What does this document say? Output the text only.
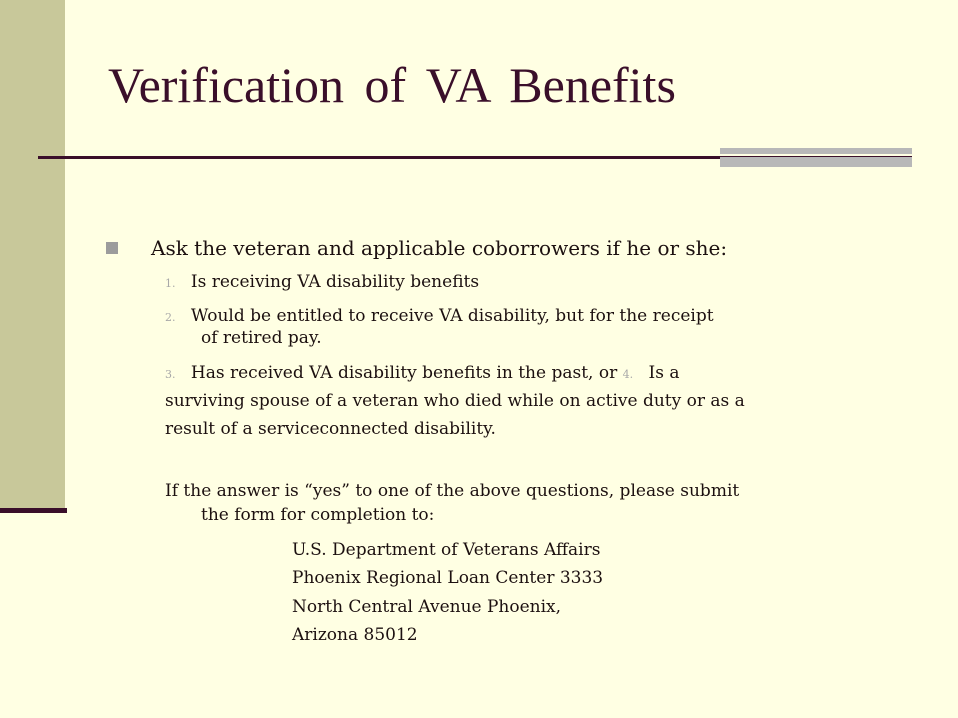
Verification of VA Benefits
Ask the veteran and applicable coborrowers if he or she:
1. Is receiving VA disability benefits
2. Would be entitled to receive VA disability, but for the receipt
of retired pay.
3. Has received VA disability benefits in the past, or 4. Is a
surviving spouse of a veteran who died while on active duty or as a
result of a serviceconnected disability.
If the answer is “yes” to one of the above questions, please submit
the form for completion to:
U.S. Department of Veterans Affairs
Phoenix Regional Loan Center 3333
North Central Avenue Phoenix,
Arizona 85012
